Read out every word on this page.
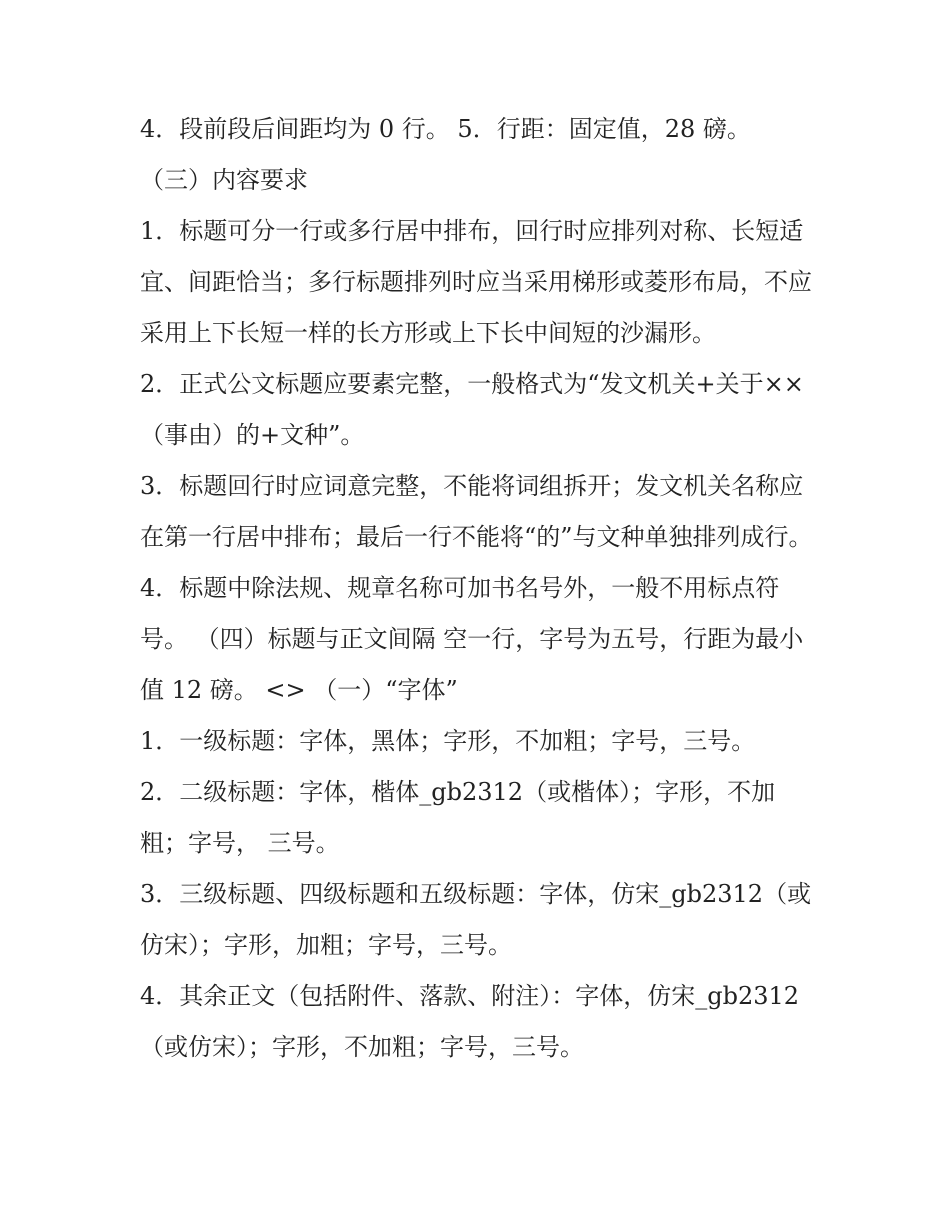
4．段前段后间距均为 0 行。 5．行距：固定值，28 磅。

（三）内容要求

1．标题可分一行或多行居中排布，回行时应排列对称、长短适宜、间距恰当；多行标题排列时应当采用梯形或菱形布局，不应采用上下长短一样的长方形或上下长中间短的沙漏形。

2．正式公文标题应要素完整，一般格式为“发文机关+关于××（事由）的+文种”。

3．标题回行时应词意完整，不能将词组拆开；发文机关名称应在第一行居中排布；最后一行不能将“的”与文种单独排列成行。

4．标题中除法规、规章名称可加书名号外，一般不用标点符号。 （四）标题与正文间隔 空一行，字号为五号，行距为最小值 12 磅。 <> （一）“字体”

1．一级标题：字体，黑体；字形，不加粗；字号，三号。

2．二级标题：字体，楷体_gb2312（或楷体）；字形，不加粗；字号， 三号。

3．三级标题、四级标题和五级标题：字体，仿宋_gb2312（或仿宋）；字形，加粗；字号，三号。

4．其余正文（包括附件、落款、附注）：字体，仿宋_gb2312（或仿宋）；字形，不加粗；字号，三号。
